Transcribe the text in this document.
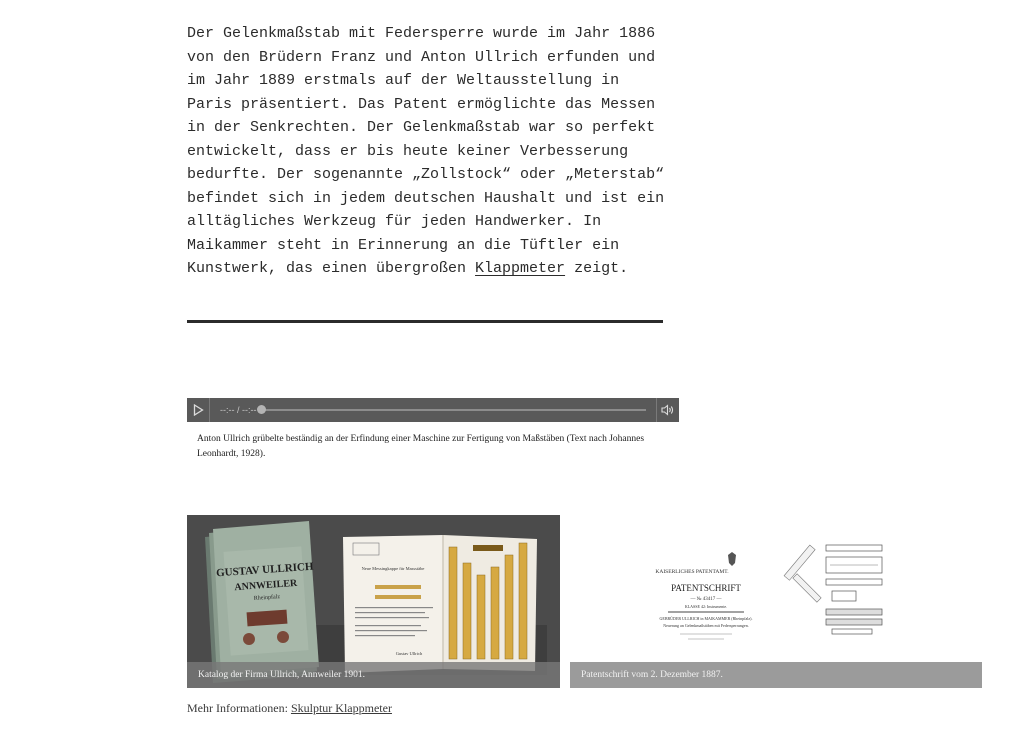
Der Gelenkmaßstab mit Federsperre wurde im Jahr 1886 von den Brüdern Franz und Anton Ullrich erfunden und im Jahr 1889 erstmals auf der Weltausstellung in Paris präsentiert. Das Patent ermöglichte das Messen in der Senkrechten. Der Gelenkmaßstab war so perfekt entwickelt, dass er bis heute keiner Verbesserung bedurfte. Der sogenannte „Zollstock“ oder „Meterstab“ befindet sich in jedem deutschen Haushalt und ist ein alltägliches Werkzeug für jeden Handwerker. In Maikammer steht in Erinnerung an die Tüftler ein Kunstwerk, das einen übergroßen Klappmeter zeigt.

--:-- / --:--

Anton Ullrich grübelte beständig an der Erfindung einer Maschine zur Fertigung von Maßstäben (Text nach Johannes Leonhardt, 1928).

GUSTAV ULLRICH
ANNWEILER
Rheinpfalz
Neue Messingkappe für Massstäbe
Gustav Ullrich
Katalog der Firma Ullrich, Annweiler 1901.
KAISERLICHES PATENTAMT.
PATENTSCHRIFT
— № 43417 —
KLASSE 42: Instrumente.
GEBRÜDER ULLRICH in MAIKAMMER (Rheinpfalz).
Neuerung an Gelenkmaßstäben mit Federsperrungen.
Patentschrift vom 2. Dezember 1887.
Mehr Informationen: Skulptur Klappmeter
